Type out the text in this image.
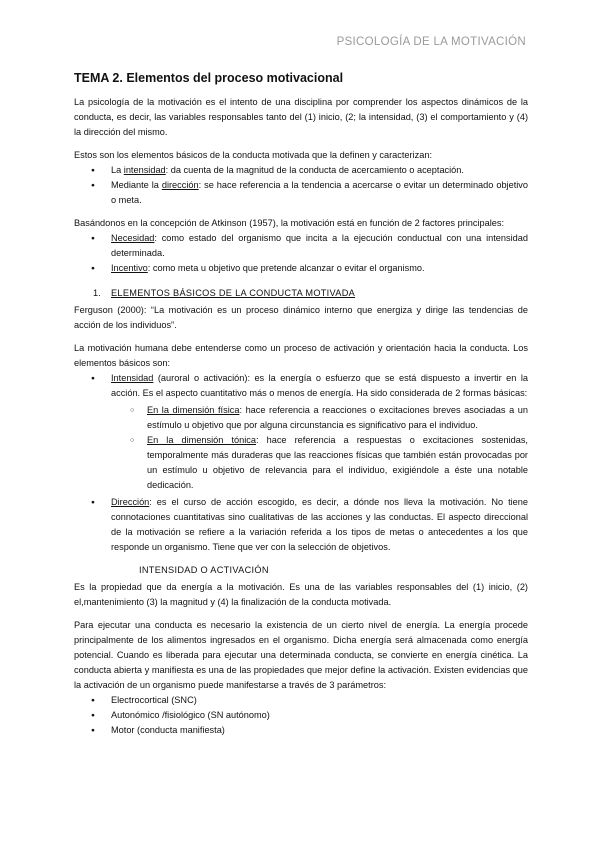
PSICOLOGÍA DE LA MOTIVACIÓN
TEMA 2. Elementos del proceso motivacional

La psicología de la motivación es el intento de una disciplina por comprender los aspectos dinámicos de la conducta, es decir, las variables responsables tanto del (1) inicio, (2; la intensidad, (3) el comportamiento y (4) la dirección del mismo.

Estos son los elementos básicos de la conducta motivada que la definen y caracterizan:

● La intensidad: da cuenta de la magnitud de la conducta de acercamiento o aceptación.
● Mediante la dirección: se hace referencia a la tendencia a acercarse o evitar un determinado objetivo o meta.

Basándonos en la concepción de Atkinson (1957), la motivación está en función de 2 factores principales:

● Necesidad: como estado del organismo que incita a la ejecución conductual con una intensidad determinada.
● Incentivo: como meta u objetivo que pretende alcanzar o evitar el organismo.
1. ELEMENTOS BÁSICOS DE LA CONDUCTA MOTIVADA

Ferguson (2000): “La motivación es un proceso dinámico interno que energiza y dirige las tendencias de acción de los individuos”.

La motivación humana debe entenderse como un proceso de activación y orientación hacia la conducta. Los elementos básicos son:

● Intensidad (auroral o activación): es la energía o esfuerzo que se está dispuesto a invertir en la acción. Es el aspecto cuantitativo más o menos de energía. Ha sido considerada de 2 formas básicas:
○ En la dimensión física: hace referencia a reacciones o excitaciones breves asociadas a un estímulo u objetivo que por alguna circunstancia es significativo para el individuo.
○ En la dimensión tónica: hace referencia a respuestas o excitaciones sostenidas, temporalmente más duraderas que las reacciones físicas que también están provocadas por un estímulo u objetivo de relevancia para el individuo, exigiéndole a éste una notable dedicación.
● Dirección: es el curso de acción escogido, es decir, a dónde nos lleva la motivación. No tiene connotaciones cuantitativas sino cualitativas de las acciones y las conductas. El aspecto direccional de la motivación se refiere a la variación referida a los tipos de metas o antecedentes a los que responde un organismo. Tiene que ver con la selección de objetivos.
INTENSIDAD O ACTIVACIÓN

Es la propiedad que da energía a la motivación. Es una de las variables responsables del (1) inicio, (2) el,mantenimiento (3) la magnitud y (4) la finalización de la conducta motivada.

Para ejecutar una conducta es necesario la existencia de un cierto nivel de energía. La energía procede principalmente de los alimentos ingresados en el organismo. Dicha energía será almacenada como energía potencial. Cuando es liberada para ejecutar una determinada conducta, se convierte en energía cinética. La conducta abierta y manifiesta es una de las propiedades que mejor define la activación. Existen evidencias que la activación de un organismo puede manifestarse a través de 3 parámetros:

● Electrocortical (SNC)
● Autonómico /fisiológico (SN autónomo)
● Motor (conducta manifiesta)
